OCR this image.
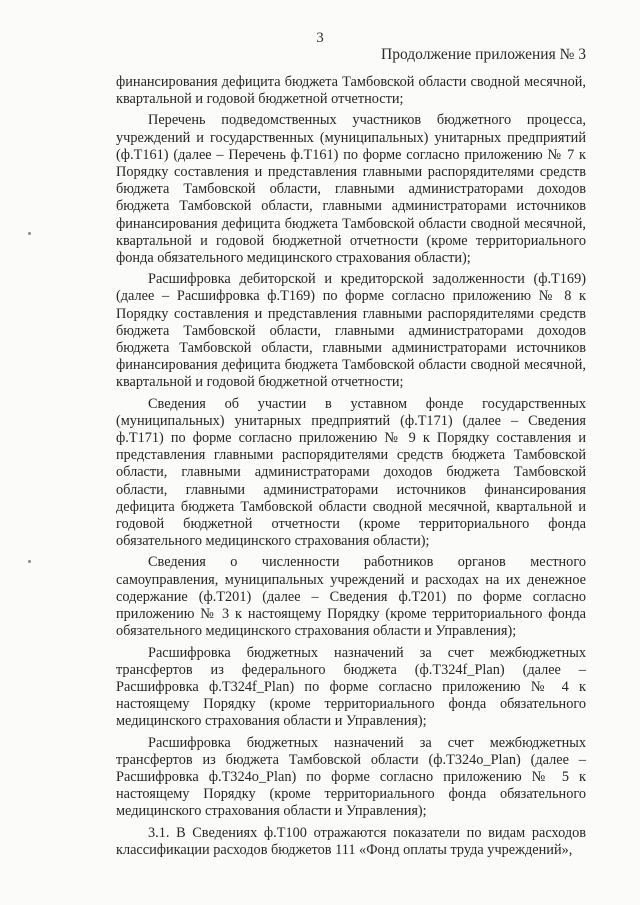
3
Продолжение приложения № 3

финансирования дефицита бюджета Тамбовской области сводной месячной, квартальной и годовой бюджетной отчетности;

Перечень подведомственных участников бюджетного процесса, учреждений и государственных (муниципальных) унитарных предприятий (ф.Т161) (далее – Перечень ф.Т161) по форме согласно приложению № 7 к Порядку составления и представления главными распорядителями средств бюджета Тамбовской области, главными администраторами доходов бюджета Тамбовской области, главными администраторами источников финансирования дефицита бюджета Тамбовской области сводной месячной, квартальной и годовой бюджетной отчетности (кроме территориального фонда обязательного медицинского страхования области);

Расшифровка дебиторской и кредиторской задолженности (ф.Т169) (далее – Расшифровка ф.Т169) по форме согласно приложению № 8 к Порядку составления и представления главными распорядителями средств бюджета Тамбовской области, главными администраторами доходов бюджета Тамбовской области, главными администраторами источников финансирования дефицита бюджета Тамбовской области сводной месячной, квартальной и годовой бюджетной отчетности;

Сведения об участии в уставном фонде государственных (муниципальных) унитарных предприятий (ф.Т171) (далее – Сведения ф.Т171) по форме согласно приложению № 9 к Порядку составления и представления главными распорядителями средств бюджета Тамбовской области, главными администраторами доходов бюджета Тамбовской области, главными администраторами источников финансирования дефицита бюджета Тамбовской области сводной месячной, квартальной и годовой бюджетной отчетности (кроме территориального фонда обязательного медицинского страхования области);

Сведения о численности работников органов местного самоуправления, муниципальных учреждений и расходах на их денежное содержание (ф.Т201) (далее – Сведения ф.Т201) по форме согласно приложению № 3 к настоящему Порядку (кроме территориального фонда обязательного медицинского страхования области и Управления);

Расшифровка бюджетных назначений за счет межбюджетных трансфертов из федерального бюджета (ф.Т324f_Plan) (далее – Расшифровка ф.Т324f_Plan) по форме согласно приложению № 4 к настоящему Порядку (кроме территориального фонда обязательного медицинского страхования области и Управления);

Расшифровка бюджетных назначений за счет межбюджетных трансфертов из бюджета Тамбовской области (ф.Т324о_Plan) (далее – Расшифровка ф.Т324о_Plan) по форме согласно приложению № 5 к настоящему Порядку (кроме территориального фонда обязательного медицинского страхования области и Управления);

3.1. В Сведениях ф.Т100 отражаются показатели по видам расходов классификации расходов бюджетов 111 «Фонд оплаты труда учреждений»,
